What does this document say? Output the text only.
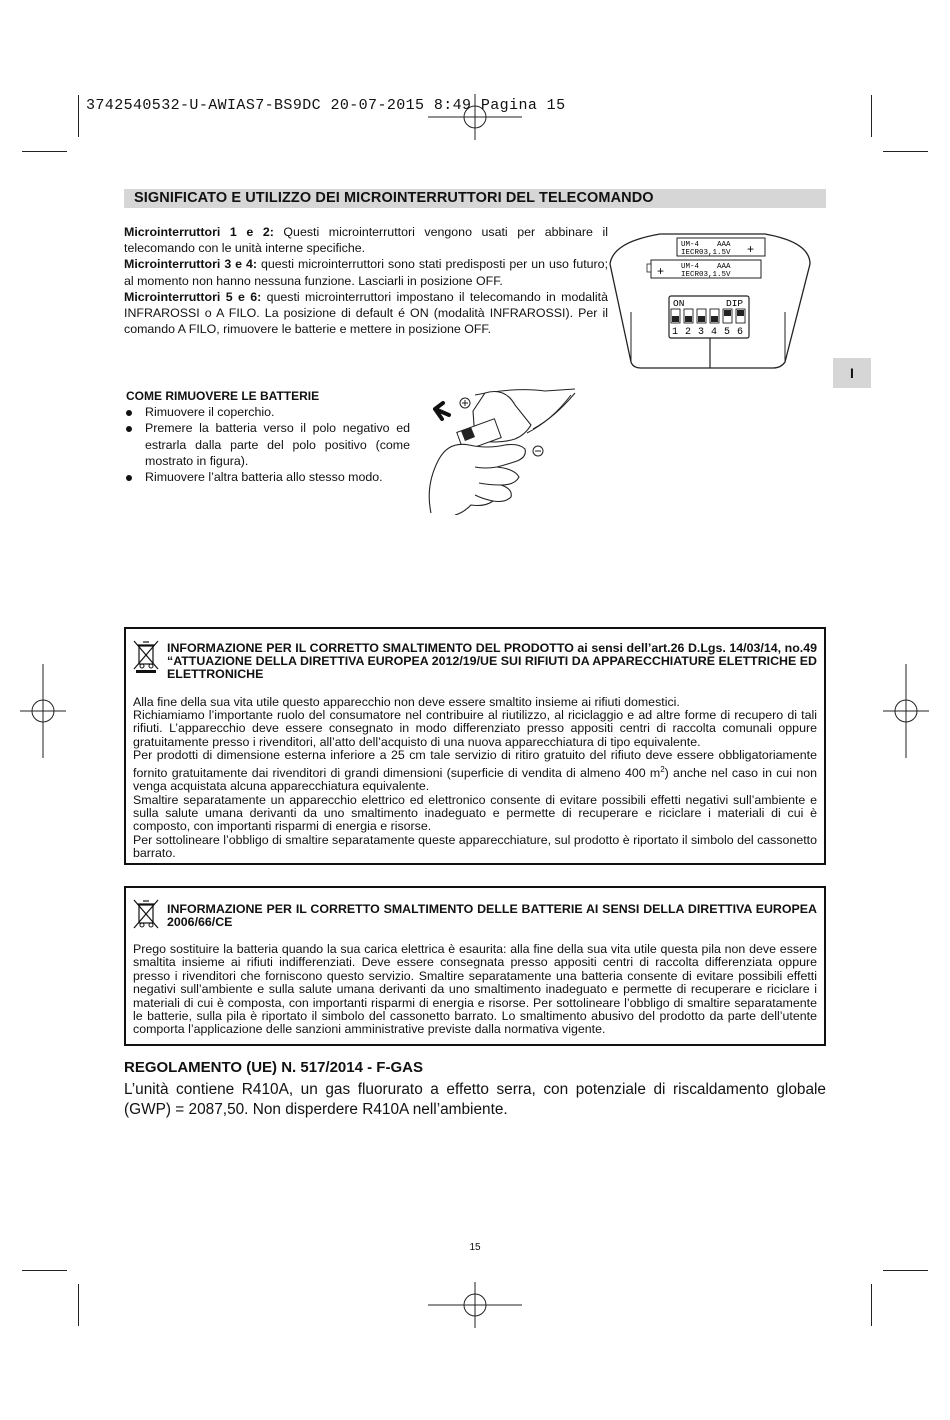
3742540532-U-AWIAS7-BS9DC 20-07-2015 8:49 Pagina 15
SIGNIFICATO E UTILIZZO DEI MICROINTERRUTTORI DEL TELECOMANDO

Microinterruttori 1 e 2: Questi microinterruttori vengono usati per abbinare il telecomando con le unità interne specifiche.

Microinterruttori 3 e 4: questi microinterruttori sono stati predisposti per un uso futuro; al momento non hanno nessuna funzione. Lasciarli in posizione OFF.

Microinterruttori 5 e 6: questi microinterruttori impostano il telecomando in modalità INFRAROSSI o A FILO. La posizione di default é ON (modalità INFRAROSSI). Per il comando A FILO, rimuovere le batterie e mettere in posizione OFF.

UM-4 AAA
IECR03,1.5V +
UM-4 AAA
IECR03,1.5V
+
ON	DIP
1 2 3 4 5 6
I
COME RIMUOVERE LE BATTERIE
Rimuovere il coperchio.
Premere la batteria verso il polo negativo ed estrarla dalla parte del polo positivo (come mostrato in figura).
Rimuovere l’altra batteria allo stesso modo.
INFORMAZIONE PER IL CORRETTO SMALTIMENTO DEL PRODOTTO ai sensi dell’art.26 D.Lgs. 14/03/14, no.49 “ATTUAZIONE DELLA DIRETTIVA EUROPEA 2012/19/UE SUI RIFIUTI DA APPARECCHIATURE ELETTRICHE ED ELETTRONICHE

Alla fine della sua vita utile questo apparecchio non deve essere smaltito insieme ai rifiuti domestici.

Richiamiamo l’importante ruolo del consumatore nel contribuire al riutilizzo, al riciclaggio e ad altre forme di recupero di tali rifiuti. L’apparecchio deve essere consegnato in modo differenziato presso appositi centri di raccolta comunali oppure gratuitamente presso i rivenditori, all’atto dell’acquisto di una nuova apparecchiatura di tipo equivalente.

Per prodotti di dimensione esterna inferiore a 25 cm tale servizio di ritiro gratuito del rifiuto deve essere obbligatoriamente fornito gratuitamente dai rivenditori di grandi dimensioni (superficie di vendita di almeno 400 $m^2$) anche nel caso in cui non venga acquistata alcuna apparecchiatura equivalente.

Smaltire separatamente un apparecchio elettrico ed elettronico consente di evitare possibili effetti negativi sull’ambiente e sulla salute umana derivanti da uno smaltimento inadeguato e permette di recuperare e riciclare i materiali di cui è composto, con importanti risparmi di energia e risorse.

Per sottolineare l’obbligo di smaltire separatamente queste apparecchiature, sul prodotto è riportato il simbolo del cassonetto barrato.

INFORMAZIONE PER IL CORRETTO SMALTIMENTO DELLE BATTERIE AI SENSI DELLA DIRETTIVA EUROPEA 2006/66/CE
Prego sostituire la batteria quando la sua carica elettrica è esaurita: alla fine della sua vita utile questa pila non deve essere smaltita insieme ai rifiuti indifferenziati. Deve essere consegnata presso appositi centri di raccolta differenziata oppure presso i rivenditori che forniscono questo servizio. Smaltire separatamente una batteria consente di evitare possibili effetti negativi sull’ambiente e sulla salute umana derivanti da uno smaltimento inadeguato e permette di recuperare e riciclare i materiali di cui è composta, con importanti risparmi di energia e risorse. Per sottolineare l’obbligo di smaltire separatamente le batterie, sulla pila è riportato il simbolo del cassonetto barrato. Lo smaltimento abusivo del prodotto da parte dell’utente comporta l’applicazione delle sanzioni amministrative previste dalla normativa vigente.
REGOLAMENTO (UE) N. 517/2014 - F-GAS
L’unità contiene R410A, un gas fluorurato a effetto serra, con potenziale di riscaldamento globale (GWP) = 2087,50. Non disperdere R410A nell’ambiente.
15
